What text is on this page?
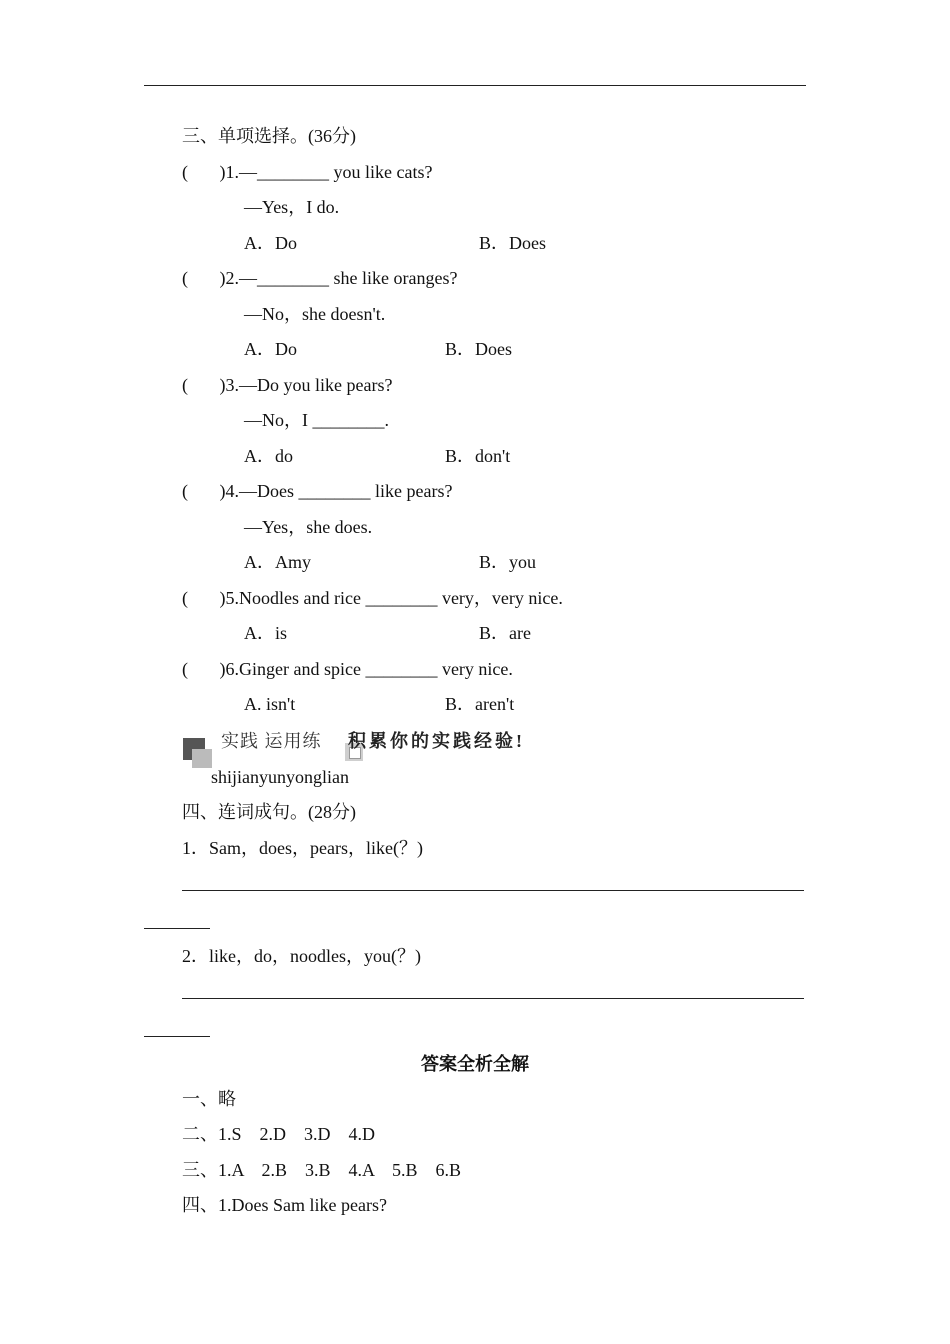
三、单项选择。(36分)
(       )1.—________ you like cats?
—Yes，I do.
A．Do	B．Does
(       )2.—________ she like oranges?
—No，she doesn't.
A．Do	B．Does
(       )3.—Do you like pears?
—No，I ________.
A．do	B．don't
(       )4.—Does ________ like pears?
—Yes，she does.
A．Amy	B．you
(       )5.Noodles and rice ________ very，very nice.
A．is	B．are
(       )6.Ginger and spice ________ very nice.
A. isn't	B．aren't
实践 运用练 积累你的实践经验!
shijianyunyonglian
四、连词成句。(28分)
1．Sam，does，pears，like(？)
2．like，do，noodles，you(？)
答案全析全解
一、略
二、1.S　2.D　3.D　4.D
三、1.A　2.B　3.B　4.A　5.B　6.B
四、1.Does Sam like pears?
